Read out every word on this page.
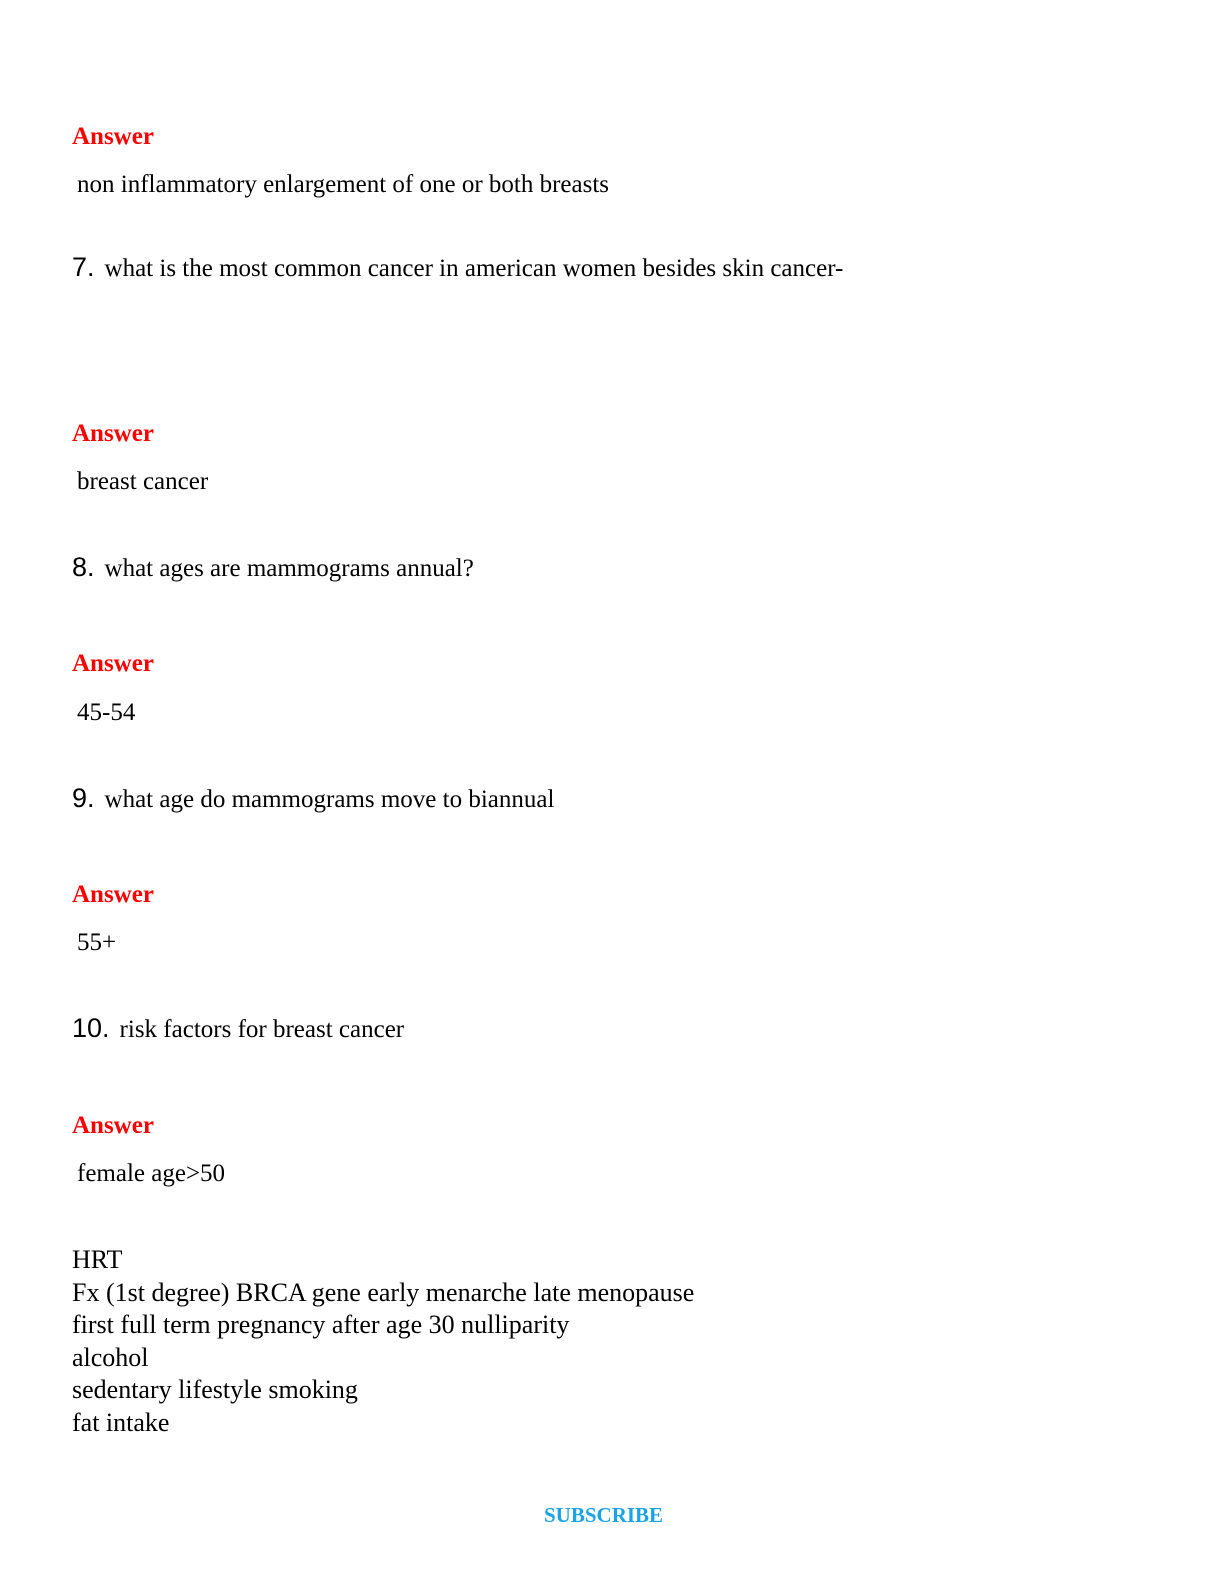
Answer
non inflammatory enlargement of one or both breasts
7. what is the most common cancer in american women besides skin cancer-
Answer
breast cancer
8. what ages are mammograms annual?
Answer
45-54
9. what age do mammograms move to biannual
Answer
55+
10. risk factors for breast cancer
Answer
female age>50
HRT
Fx (1st degree) BRCA gene early menarche late menopause
first full term pregnancy after age 30 nulliparity
alcohol
sedentary lifestyle smoking
fat intake
SUBSCRIBE
